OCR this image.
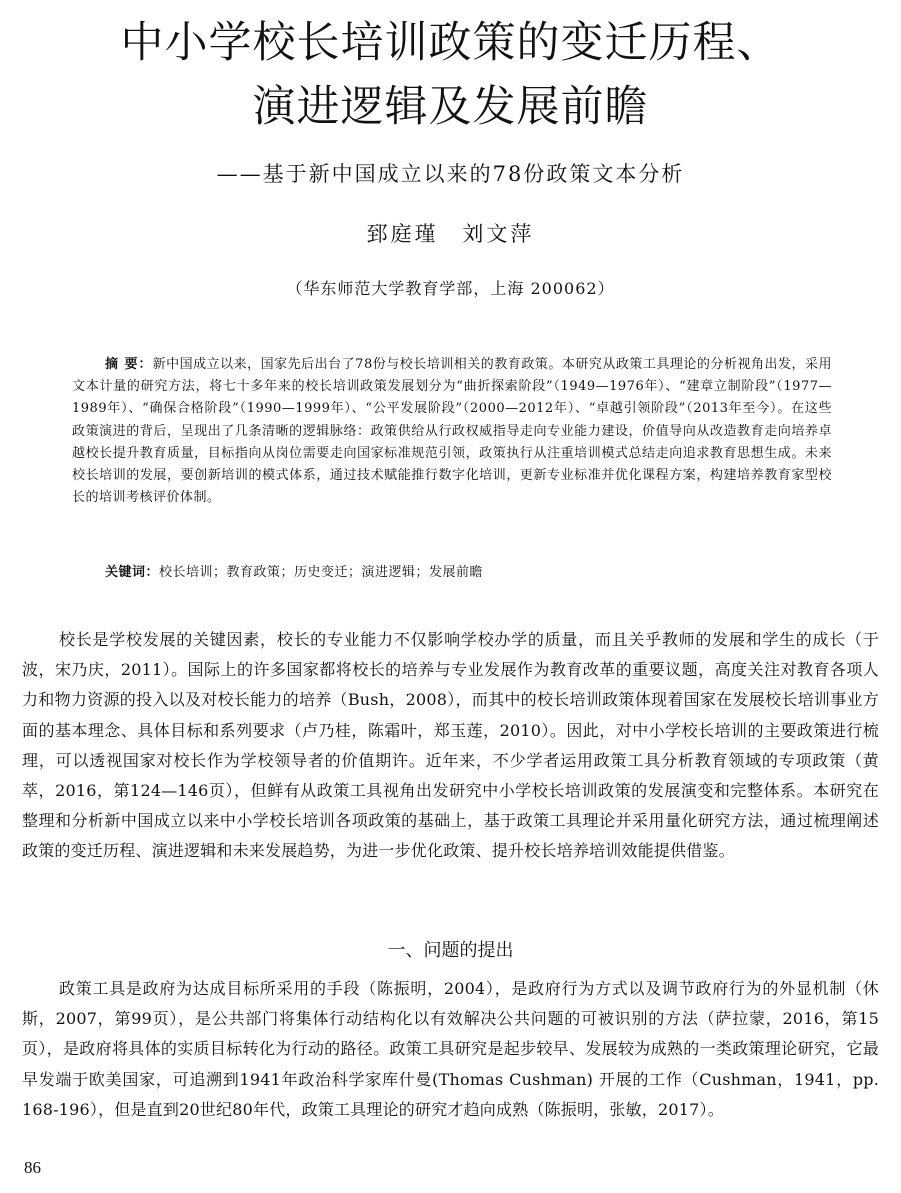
中小学校长培训政策的变迁历程、
演进逻辑及发展前瞻
——基于新中国成立以来的78份政策文本分析
郅庭瑾 刘文萍
（华东师范大学教育学部，上海 200062）

摘 要：新中国成立以来，国家先后出台了78份与校长培训相关的教育政策。本研究从政策工具理论的分析视角出发，采用文本计量的研究方法，将七十多年来的校长培训政策发展划分为“曲折探索阶段”（1949—1976年）、“建章立制阶段”（1977—1989年）、“确保合格阶段”（1990—1999年）、“公平发展阶段”（2000—2012年）、“卓越引领阶段”（2013年至今）。在这些政策演进的背后，呈现出了几条清晰的逻辑脉络：政策供给从行政权威指导走向专业能力建设，价值导向从改造教育走向培养卓越校长提升教育质量，目标指向从岗位需要走向国家标准规范引领，政策执行从注重培训模式总结走向追求教育思想生成。未来校长培训的发展，要创新培训的模式体系，通过技术赋能推行数字化培训，更新专业标准并优化课程方案，构建培养教育家型校长的培训考核评价体制。

关键词：校长培训；教育政策；历史变迁；演进逻辑；发展前瞻

校长是学校发展的关键因素，校长的专业能力不仅影响学校办学的质量，而且关乎教师的发展和学生的成长（于波，宋乃庆，2011）。国际上的许多国家都将校长的培养与专业发展作为教育改革的重要议题，高度关注对教育各项人力和物力资源的投入以及对校长能力的培养（Bush，2008），而其中的校长培训政策体现着国家在发展校长培训事业方面的基本理念、具体目标和系列要求（卢乃桂，陈霜叶，郑玉莲，2010）。因此，对中小学校长培训的主要政策进行梳理，可以透视国家对校长作为学校领导者的价值期许。近年来，不少学者运用政策工具分析教育领域的专项政策（黄萃，2016，第124—146页），但鲜有从政策工具视角出发研究中小学校长培训政策的发展演变和完整体系。本研究在整理和分析新中国成立以来中小学校长培训各项政策的基础上，基于政策工具理论并采用量化研究方法，通过梳理阐述政策的变迁历程、演进逻辑和未来发展趋势，为进一步优化政策、提升校长培养培训效能提供借鉴。

一、问题的提出

政策工具是政府为达成目标所采用的手段（陈振明，2004），是政府行为方式以及调节政府行为的外显机制（休斯，2007，第99页），是公共部门将集体行动结构化以有效解决公共问题的可被识别的方法（萨拉蒙，2016，第15页），是政府将具体的实质目标转化为行动的路径。政策工具研究是起步较早、发展较为成熟的一类政策理论研究，它最早发端于欧美国家，可追溯到1941年政治科学家库什曼(Thomas Cushman) 开展的工作（Cushman，1941，pp. 168-196），但是直到20世纪80年代，政策工具理论的研究才趋向成熟（陈振明，张敏，2017）。

86
